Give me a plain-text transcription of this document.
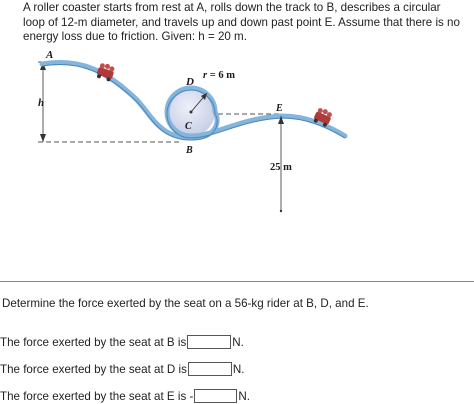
A roller coaster starts from rest at A, rolls down the track to B, describes a circular loop of 12-m diameter, and travels up and down past point E. Assume that there is no energy loss due to friction. Given: h = 20 m.

h
A
D
r = 6 m
C
B
E
25 m

Determine the force exerted by the seat on a 56-kg rider at B, D, and E.

The force exerted by the seat at B is	N.
The force exerted by the seat at D is	N.
The force exerted by the seat at E is -	N.
